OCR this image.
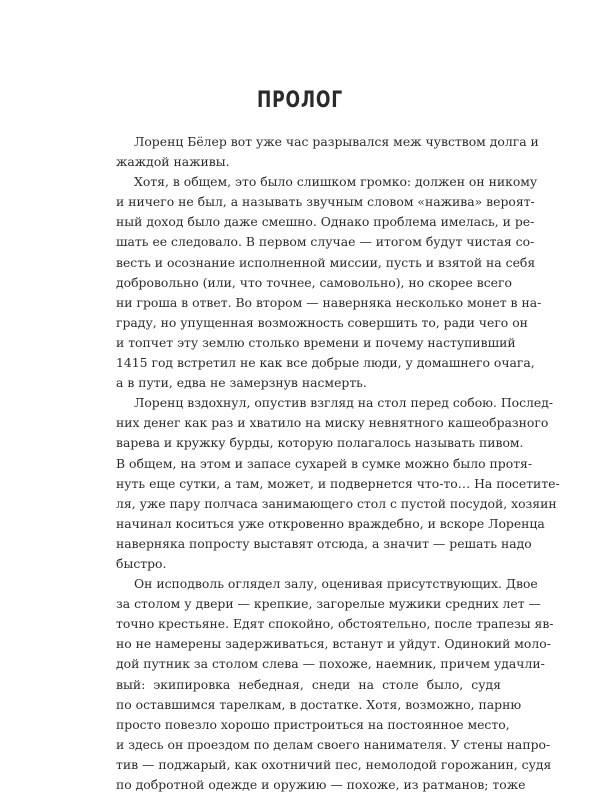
ПРОЛОГ
Лоренц Бёлер вот уже час разрывался меж чувством долга и
жаждой наживы.
Хотя, в общем, это было слишком громко: должен он никому
и ничего не был, а называть звучным словом «нажива» вероят-
ный доход было даже смешно. Однако проблема имелась, и ре-
шать ее следовало. В первом случае — итогом будут чистая со-
весть и осознание исполненной миссии, пусть и взятой на себя
добровольно (или, что точнее, самовольно), но скорее всего
ни гроша в ответ. Во втором — наверняка несколько монет в на-
граду, но упущенная возможность совершить то, ради чего он
и топчет эту землю столько времени и почему наступивший
1415 год встретил не как все добрые люди, у домашнего очага,
а в пути, едва не замерзнув насмерть.
Лоренц вздохнул, опустив взгляд на стол перед собою. Послед-
них денег как раз и хватило на миску невнятного кашеобразного
варева и кружку бурды, которую полагалось называть пивом.
В общем, на этом и запасе сухарей в сумке можно было протя-
нуть еще сутки, а там, может, и подвернется что-то… На посетите-
ля, уже пару полчаса занимающего стол с пустой посудой, хозяин
начинал коситься уже откровенно враждебно, и вскоре Лоренца
наверняка попросту выставят отсюда, а значит — решать надо
быстро.
Он исподволь оглядел залу, оценивая присутствующих. Двое
за столом у двери — крепкие, загорелые мужики средних лет —
точно крестьяне. Едят спокойно, обстоятельно, после трапезы яв-
но не намерены задерживаться, встанут и уйдут. Одинокий моло-
дой путник за столом слева — похоже, наемник, причем удачли-
вый: экипировка небедная, снеди на столе было, судя
по оставшимся тарелкам, в достатке. Хотя, возможно, парню
просто повезло хорошо пристроиться на постоянное место,
и здесь он проездом по делам своего нанимателя. У стены напро-
тив — поджарый, как охотничий пес, немолодой горожанин, судя
по добротной одежде и оружию — похоже, из ратманов; тоже
